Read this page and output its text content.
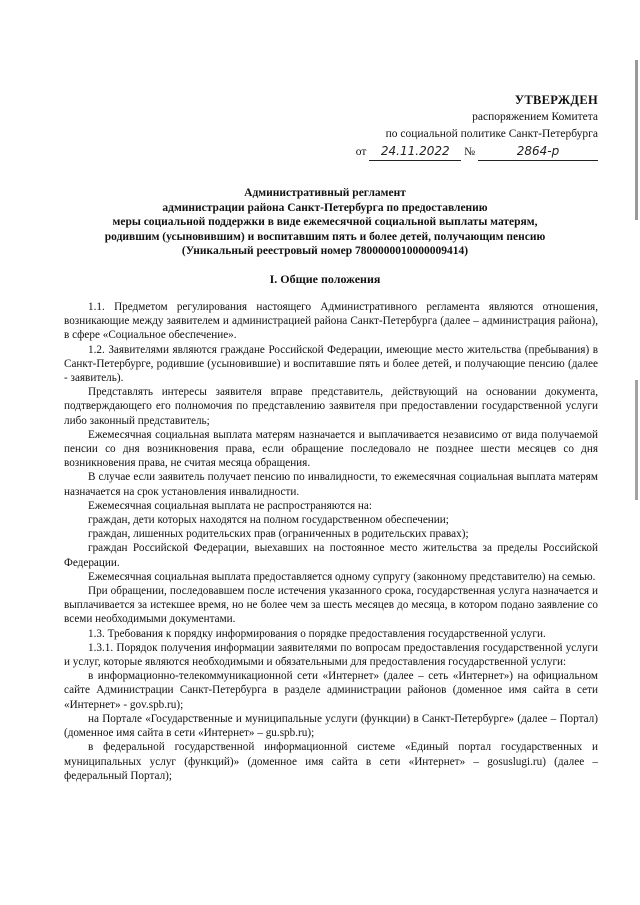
УТВЕРЖДЕН
распоряжением Комитета
по социальной политике Санкт-Петербурга
от 24.11.2022 №	2864-р
Административный регламент
администрации района Санкт-Петербурга по предоставлению
меры социальной поддержки в виде ежемесячной социальной выплаты матерям,
родившим (усыновившим) и воспитавшим пять и более детей, получающим пенсию
(Уникальный реестровый номер 7800000010000009414)
I. Общие положения

1.1. Предметом регулирования настоящего Административного регламента являются отношения, возникающие между заявителем и администрацией района Санкт-Петербурга (далее – администрация района), в сфере «Социальное обеспечение».

1.2. Заявителями являются граждане Российской Федерации, имеющие место жительства (пребывания) в Санкт-Петербурге, родившие (усыновившие) и воспитавшие пять и более детей, и получающие пенсию (далее - заявитель).

Представлять интересы заявителя вправе представитель, действующий на основании документа, подтверждающего его полномочия по представлению заявителя при предоставлении государственной услуги либо законный представитель;

Ежемесячная социальная выплата матерям назначается и выплачивается независимо от вида получаемой пенсии со дня возникновения права, если обращение последовало не позднее шести месяцев со дня возникновения права, не считая месяца обращения.

В случае если заявитель получает пенсию по инвалидности, то ежемесячная социальная выплата матерям назначается на срок установления инвалидности.

Ежемесячная социальная выплата не распространяются на:

граждан, дети которых находятся на полном государственном обеспечении;

граждан, лишенных родительских прав (ограниченных в родительских правах);

граждан Российской Федерации, выехавших на постоянное место жительства за пределы Российской Федерации.

Ежемесячная социальная выплата предоставляется одному супругу (законному представителю) на семью.

При обращении, последовавшем после истечения указанного срока, государственная услуга назначается и выплачивается за истекшее время, но не более чем за шесть месяцев до месяца, в котором подано заявление со всеми необходимыми документами.

1.3. Требования к порядку информирования о порядке предоставления государственной услуги.

1.3.1. Порядок получения информации заявителями по вопросам предоставления государственной услуги и услуг, которые являются необходимыми и обязательными для предоставления государственной услуги:

в информационно-телекоммуникационной сети «Интернет» (далее – сеть «Интернет») на официальном сайте Администрации Санкт-Петербурга в разделе администрации районов (доменное имя сайта в сети «Интернет» - gov.spb.ru);

на Портале «Государственные и муниципальные услуги (функции) в Санкт-Петербурге» (далее – Портал) (доменное имя сайта в сети «Интернет» – gu.spb.ru);

в федеральной государственной информационной системе «Единый портал государственных и муниципальных услуг (функций)» (доменное имя сайта в сети «Интернет» – gosuslugi.ru) (далее – федеральный Портал);
